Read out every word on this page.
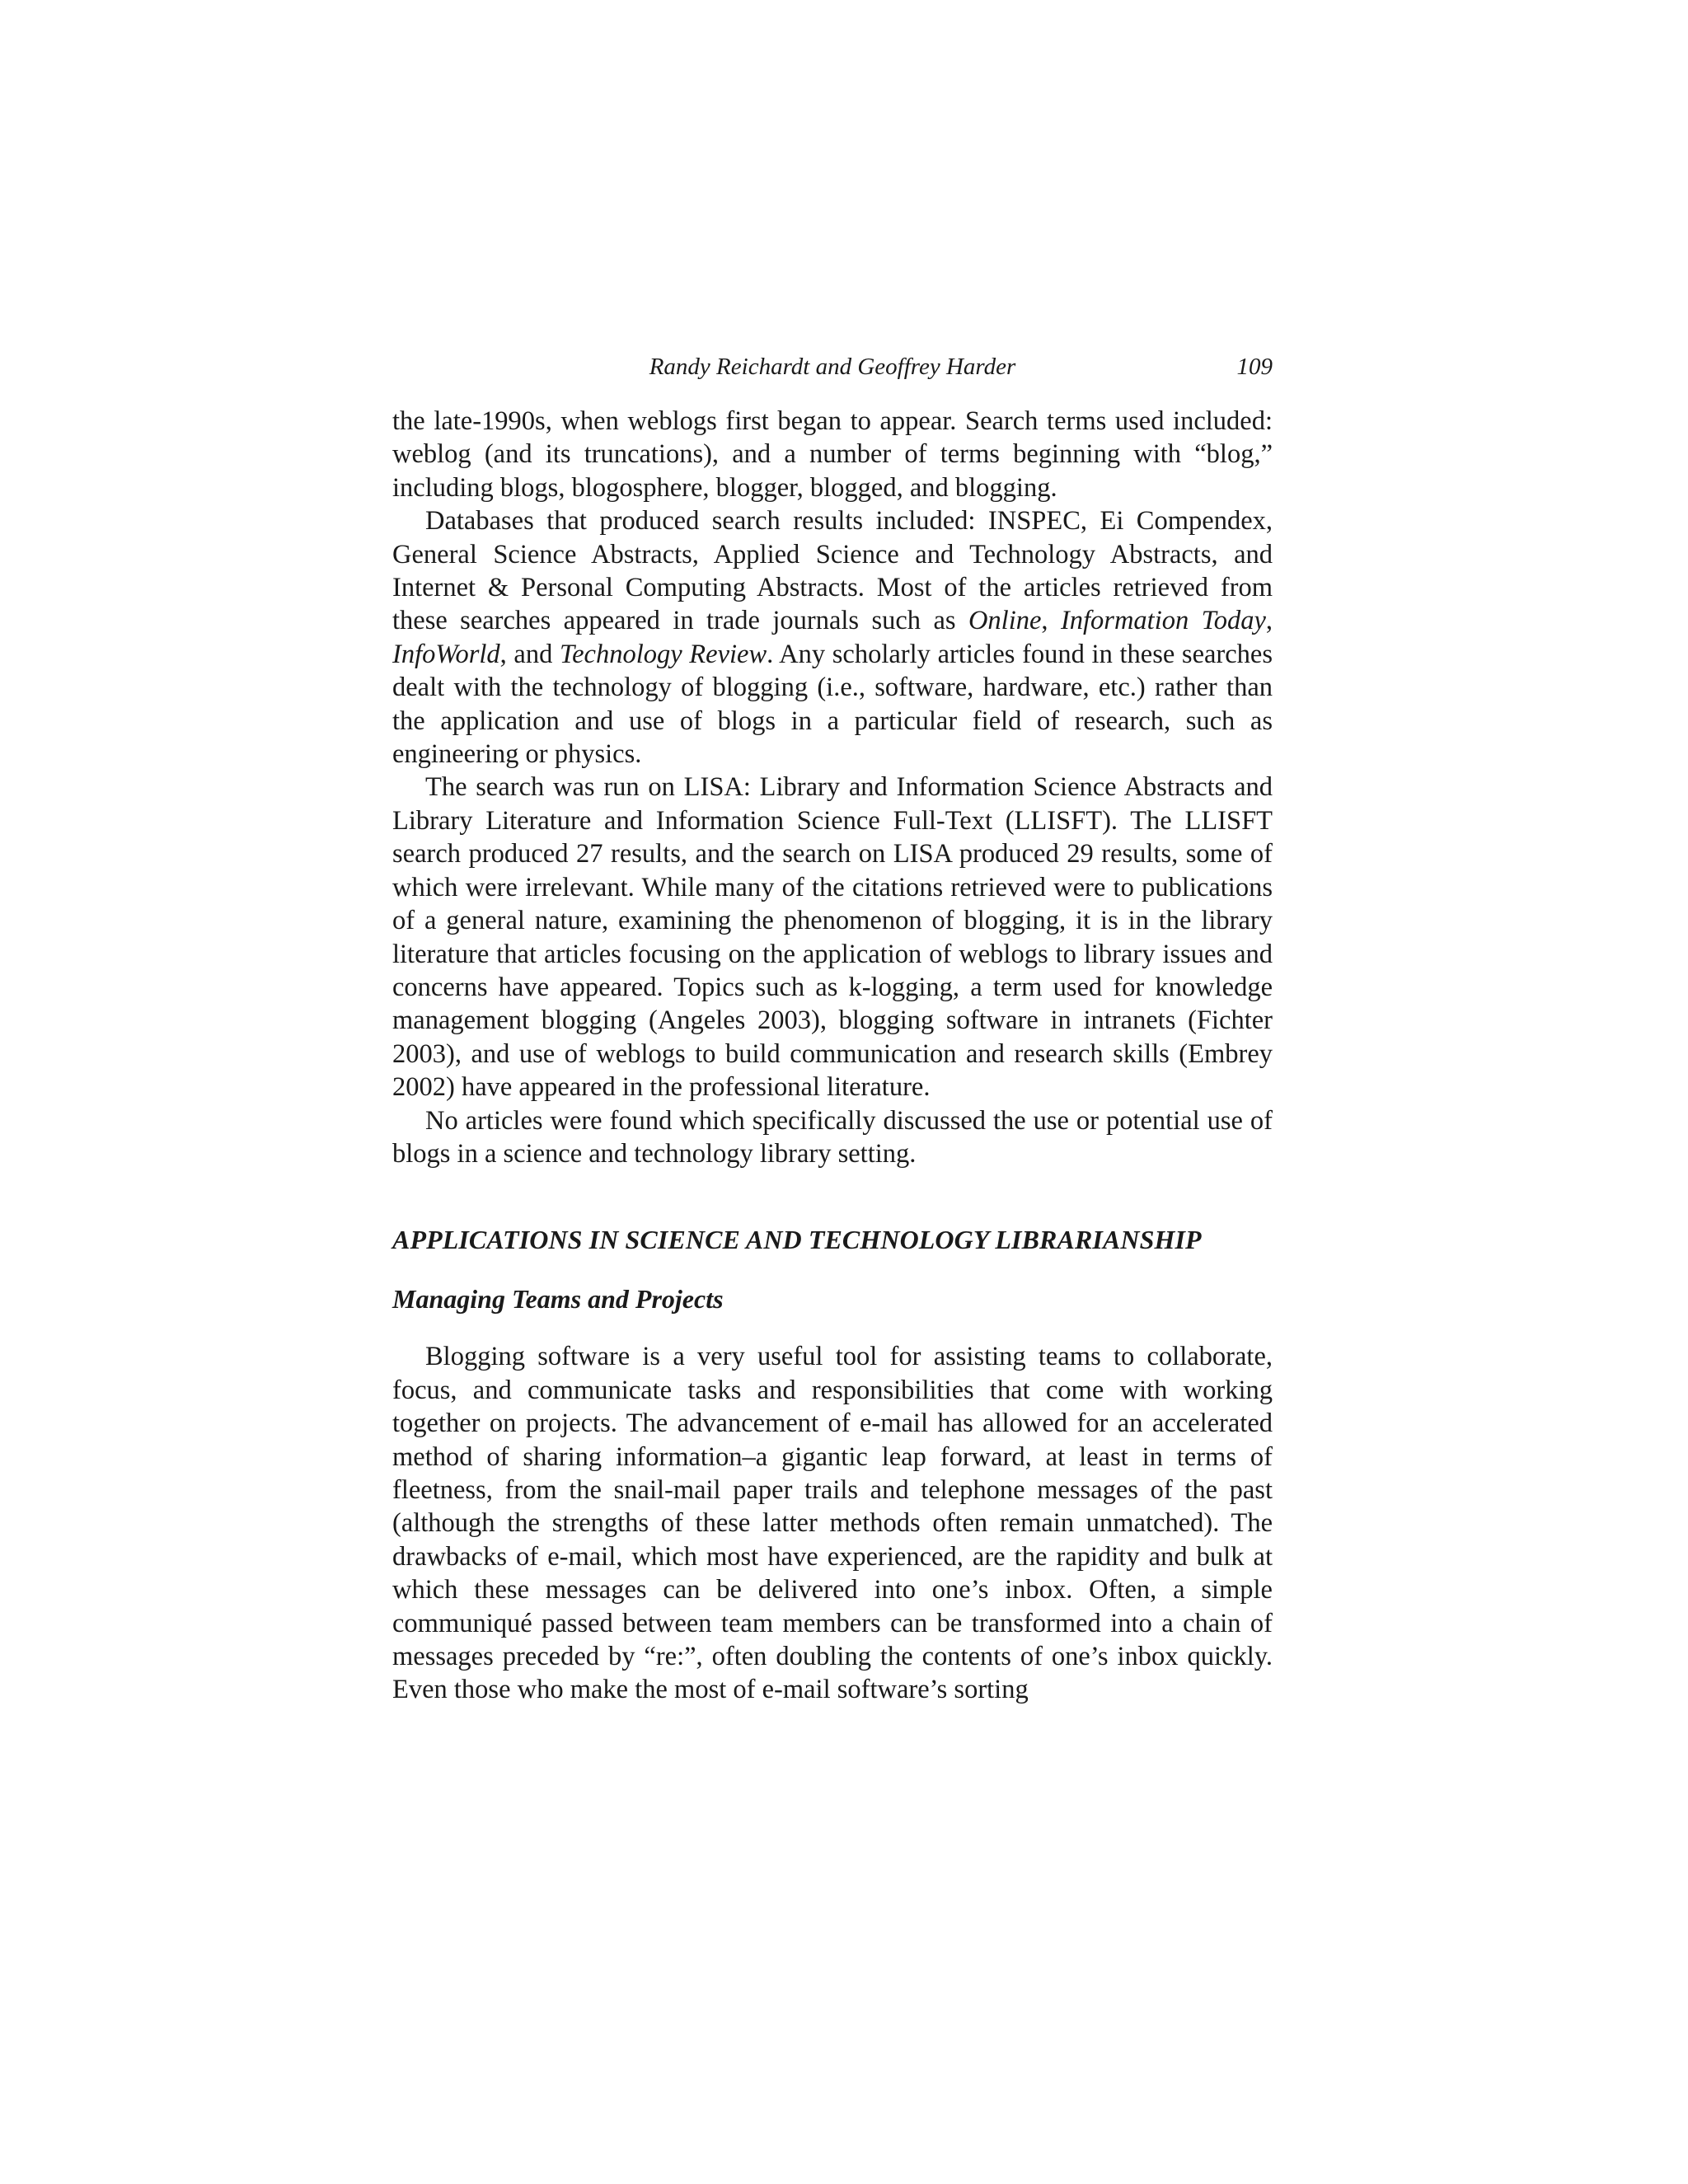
Randy Reichardt and Geoffrey Harder	109

the late-1990s, when weblogs first began to appear. Search terms used included: weblog (and its truncations), and a number of terms beginning with “blog,” including blogs, blogosphere, blogger, blogged, and blogging.

Databases that produced search results included: INSPEC, Ei Compendex, General Science Abstracts, Applied Science and Technology Abstracts, and Internet & Personal Computing Abstracts. Most of the articles retrieved from these searches appeared in trade journals such as Online, Information Today, InfoWorld, and Technology Review. Any scholarly articles found in these searches dealt with the technology of blogging (i.e., software, hardware, etc.) rather than the application and use of blogs in a particular field of research, such as engineering or physics.

The search was run on LISA: Library and Information Science Abstracts and Library Literature and Information Science Full-Text (LLISFT). The LLISFT search produced 27 results, and the search on LISA produced 29 results, some of which were irrelevant. While many of the citations retrieved were to publications of a general nature, examining the phenomenon of blogging, it is in the library literature that articles focusing on the application of weblogs to library issues and concerns have appeared. Topics such as k-logging, a term used for knowledge management blogging (Angeles 2003), blogging software in intranets (Fichter 2003), and use of weblogs to build communication and research skills (Embrey 2002) have appeared in the professional literature.

No articles were found which specifically discussed the use or potential use of blogs in a science and technology library setting.

APPLICATIONS IN SCIENCE AND TECHNOLOGY LIBRARIANSHIP
Managing Teams and Projects

Blogging software is a very useful tool for assisting teams to collaborate, focus, and communicate tasks and responsibilities that come with working together on projects. The advancement of e-mail has allowed for an accelerated method of sharing information–a gigantic leap forward, at least in terms of fleetness, from the snail-mail paper trails and telephone messages of the past (although the strengths of these latter methods often remain unmatched). The drawbacks of e-mail, which most have experienced, are the rapidity and bulk at which these messages can be delivered into one’s inbox. Often, a simple communiqué passed between team members can be transformed into a chain of messages preceded by “re:”, often doubling the contents of one’s inbox quickly. Even those who make the most of e-mail software’s sorting
